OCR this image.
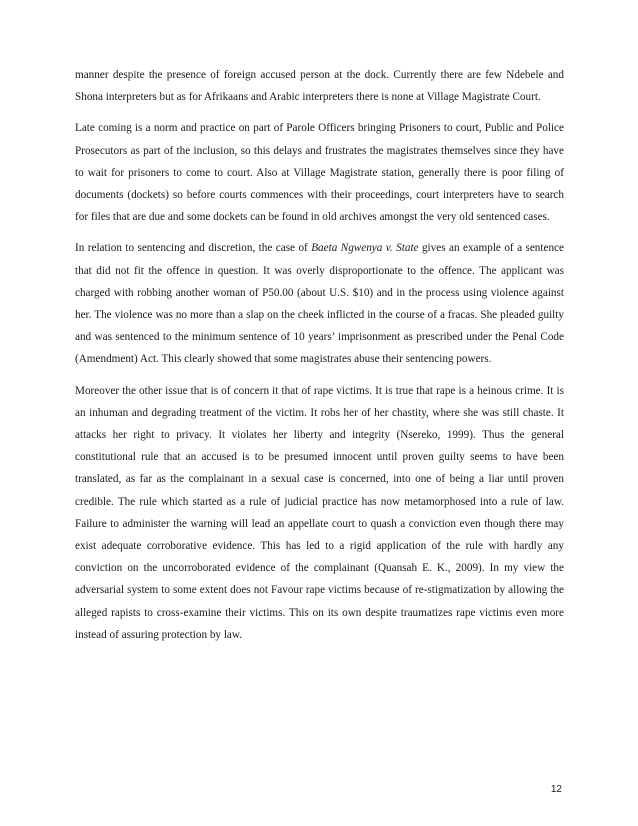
manner despite the presence of foreign accused person at the dock. Currently there are few Ndebele and Shona interpreters but as for Afrikaans and Arabic interpreters there is none at Village Magistrate Court.

Late coming is a norm and practice on part of Parole Officers bringing Prisoners to court, Public and Police Prosecutors as part of the inclusion, so this delays and frustrates the magistrates themselves since they have to wait for prisoners to come to court. Also at Village Magistrate station, generally there is poor filing of documents (dockets) so before courts commences with their proceedings, court interpreters have to search for files that are due and some dockets can be found in old archives amongst the very old sentenced cases.

In relation to sentencing and discretion, the case of Baeta Ngwenya v. State gives an example of a sentence that did not fit the offence in question. It was overly disproportionate to the offence. The applicant was charged with robbing another woman of P50.00 (about U.S. $10) and in the process using violence against her. The violence was no more than a slap on the cheek inflicted in the course of a fracas. She pleaded guilty and was sentenced to the minimum sentence of 10 years’ imprisonment as prescribed under the Penal Code (Amendment) Act. This clearly showed that some magistrates abuse their sentencing powers.

Moreover the other issue that is of concern it that of rape victims. It is true that rape is a heinous crime. It is an inhuman and degrading treatment of the victim. It robs her of her chastity, where she was still chaste. It attacks her right to privacy. It violates her liberty and integrity (Nsereko, 1999). Thus the general constitutional rule that an accused is to be presumed innocent until proven guilty seems to have been translated, as far as the complainant in a sexual case is concerned, into one of being a liar until proven credible. The rule which started as a rule of judicial practice has now metamorphosed into a rule of law. Failure to administer the warning will lead an appellate court to quash a conviction even though there may exist adequate corroborative evidence. This has led to a rigid application of the rule with hardly any conviction on the uncorroborated evidence of the complainant (Quansah E. K., 2009). In my view the adversarial system to some extent does not Favour rape victims because of re-stigmatization by allowing the alleged rapists to cross-examine their victims. This on its own despite traumatizes rape victims even more instead of assuring protection by law.

12
